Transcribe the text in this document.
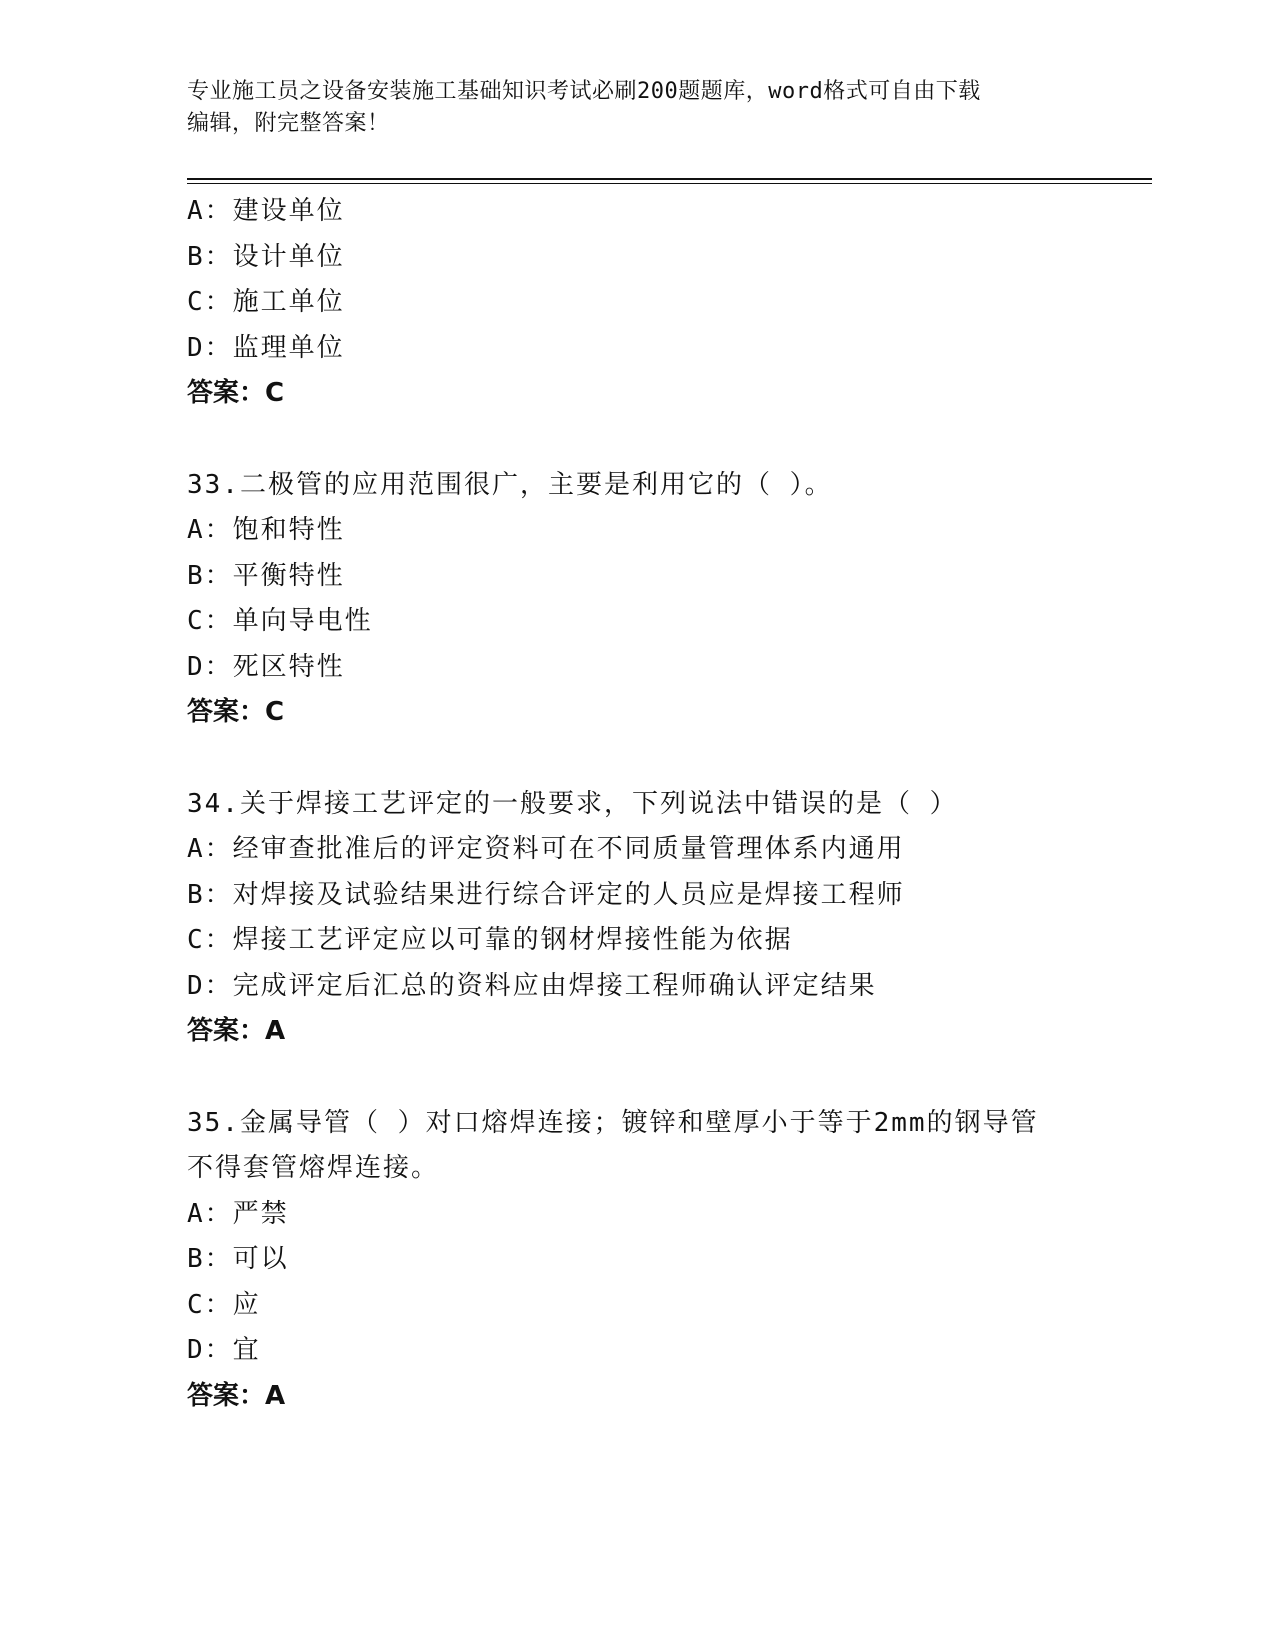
专业施工员之设备安装施工基础知识考试必刷200题题库，word格式可自由下载
编辑，附完整答案！
A：建设单位
B：设计单位
C：施工单位
D：监理单位
答案：C
33.二极管的应用范围很广，主要是利用它的（ ）。
A：饱和特性
B：平衡特性
C：单向导电性
D：死区特性
答案：C
34.关于焊接工艺评定的一般要求，下列说法中错误的是（ ）
A：经审查批准后的评定资料可在不同质量管理体系内通用
B：对焊接及试验结果进行综合评定的人员应是焊接工程师
C：焊接工艺评定应以可靠的钢材焊接性能为依据
D：完成评定后汇总的资料应由焊接工程师确认评定结果
答案：A
35.金属导管（ ）对口熔焊连接；镀锌和壁厚小于等于2mm的钢导管
不得套管熔焊连接。
A：严禁
B：可以
C：应
D：宜
答案：A
